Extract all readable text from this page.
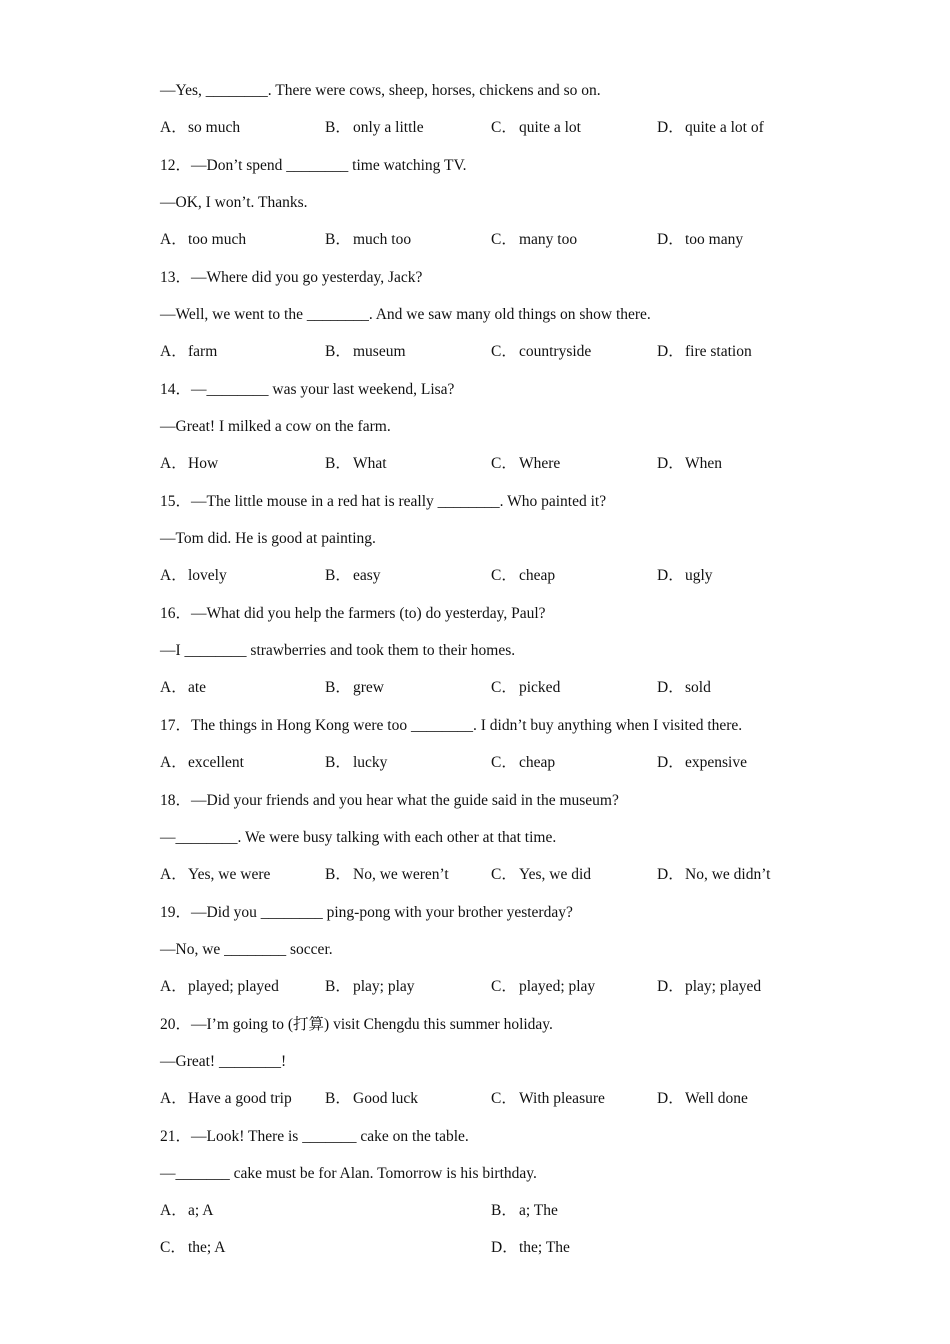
—Yes, ________. There were cows, sheep, horses, chickens and so on.

A．so much	B． only a little	C． quite a lot	D．quite a lot of

12．—Don’t spend ________ time watching TV.

—OK, I won’t. Thanks.

A．too much	B． much too	C． many too	D．too many

13．—Where did you go yesterday, Jack?

—Well, we went to the ________. And we saw many old things on show there.

A．farm	B． museum	C． countryside	D．fire station

14．—________ was your last weekend, Lisa?

—Great! I milked a cow on the farm.

A．How	B． What	C． Where	D．When

15．—The little mouse in a red hat is really ________. Who painted it?

—Tom did. He is good at painting.

A．lovely	B． easy	C． cheap	D．ugly

16．—What did you help the farmers (to) do yesterday, Paul?

—I ________ strawberries and took them to their homes.

A．ate	B． grew	C． picked	D．sold

17．The things in Hong Kong were too ________. I didn’t buy anything when I visited there.

A．excellent	B． lucky	C． cheap	D．expensive

18．—Did your friends and you hear what the guide said in the museum?

—________. We were busy talking with each other at that time.

A．Yes, we were	B． No, we weren’t	C． Yes, we did	D．No, we didn’t

19．—Did you ________ ping-pong with your brother yesterday?

—No, we ________ soccer.

A．played; played	B． play; play	C． played; play	D．play; played

20．—I’m going to (打算) visit Chengdu this summer holiday.

—Great! ________!

A．Have a good trip B． Good luck	C． With pleasure	D．Well done

21．—Look! There is _______ cake on the table.

—_______ cake must be for Alan. Tomorrow is his birthday.

A．a; A	B． a; The
C． the; A	D．the; The
